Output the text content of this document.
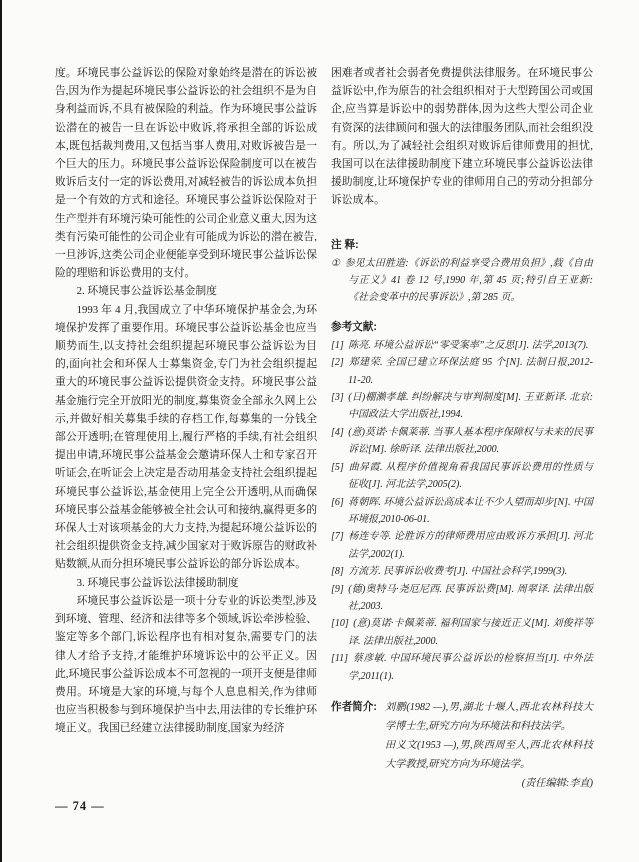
度。环境民事公益诉讼的保险对象始终是潜在的诉讼被告,因为作为提起环境民事公益诉讼的社会组织不是为自身利益而诉,不具有被保险的利益。作为环境民事公益诉讼潜在的被告一旦在诉讼中败诉,将承担全部的诉讼成本,既包括裁判费用,又包括当事人费用,对败诉被告是一个巨大的压力。环境民事公益诉讼保险制度可以在被告败诉后支付一定的诉讼费用,对减轻被告的诉讼成本负担是一个有效的方式和途径。环境民事公益诉讼保险对于生产型并有环境污染可能性的公司企业意义重大,因为这类有污染可能性的公司企业有可能成为诉讼的潜在被告,一旦涉诉,这类公司企业便能享受到环境民事公益诉讼保险的理赔和诉讼费用的支付。

2. 环境民事公益诉讼基金制度

1993 年 4 月,我国成立了中华环境保护基金会,为环境保护发挥了重要作用。环境民事公益诉讼基金也应当顺势而生,以支持社会组织提起环境民事公益诉讼为目的,面向社会和环保人士募集资金,专门为社会组织提起重大的环境民事公益诉讼提供资金支持。环境民事公益基金施行完全开放阳光的制度,募集资金全部永久网上公示,并做好相关募集手续的存档工作,每募集的一分钱全部公开透明;在管理使用上,履行严格的手续,有社会组织提出申请,环境民事公益基金会邀请环保人士和专家召开听证会,在听证会上决定是否动用基金支持社会组织提起环境民事公益诉讼,基金使用上完全公开透明,从而确保环境民事公益基金能够被全社会认可和接纳,赢得更多的环保人士对该项基金的大力支持,为提起环境公益诉讼的社会组织提供资金支持,减少国家对于败诉原告的财政补贴数额,从而分担环境民事公益诉讼的部分诉讼成本。

3. 环境民事公益诉讼法律援助制度

环境民事公益诉讼是一项十分专业的诉讼类型,涉及到环境、管理、经济和法律等多个领域,诉讼牵涉检验、鉴定等多个部门,诉讼程序也有相对复杂,需要专门的法律人才给予支持,才能维护环境诉讼中的公平正义。因此,环境民事公益诉讼成本不可忽视的一项开支便是律师费用。环境是大家的环境,与每个人息息相关,作为律师也应当积极参与到环境保护当中去,用法律的专长维护环境正义。我国已经建立法律援助制度,国家为经济

困难者或者社会弱者免费提供法律服务。在环境民事公益诉讼中,作为原告的社会组织相对于大型跨国公司或国企,应当算是诉讼中的弱势群体,因为这些大型公司企业有资深的法律顾问和强大的法律服务团队,而社会组织没有。所以,为了减轻社会组织对败诉后律师费用的担忧,我国可以在法律援助制度下建立环境民事公益诉讼法律援助制度,让环境保护专业的律师用自己的劳动分担部分诉讼成本。

注 释:

① 参见太田胜造:《诉讼的利益享受合费用负担》,载《自由与正义》41 卷 12 号,1990 年,第 45 页;特引自王亚新:《社会变革中的民事诉讼》,第 285 页。

参考文献:

[1] 陈亮. 环境公益诉讼“零受案率”之反思[J]. 法学,2013(7).

[2] 郑建荣. 全国已建立环保法庭 95 个[N]. 法制日报,2012-11-20.

[3] (日)棚濑孝雄. 纠纷解决与审判制度[M]. 王亚新译. 北京:中国政法大学出版社,1994.

[4] (意)莫诺·卡佩莱蒂. 当事人基本程序保障权与未来的民事诉讼[M]. 徐昕译. 法律出版社,2000.

[5] 曲昇霞. 从程序价值视角看我国民事诉讼费用的性质与征收[J]. 河北法学,2005(2).

[6] 蒋朝晖. 环境公益诉讼高成本让不少人望而却步[N]. 中国环境报,2010-06-01.

[7] 杨连专等. 论胜诉方的律师费用应由败诉方承担[J]. 河北法学,2002(1).

[8] 方流芳. 民事诉讼收费考[J]. 中国社会科学,1999(3).

[9] (德)奥特马·尧厄尼西. 民事诉讼费[M]. 周翠译. 法律出版社,2003.

[10] (意)莫诺·卡佩莱蒂. 福利国家与接近正义[M]. 刘俊祥等译. 法律出版社,2000.

[11] 蔡彦敏. 中国环境民事公益诉讼的检察担当[J]. 中外法学,2011(1).

作者简介: 刘鹏(1982 —),男,湖北十堰人,西北农林科技大学博士生,研究方向为环境法和科技法学。

田义文(1953 —),男,陕西周至人,西北农林科技大学教授,研究方向为环境法学。

(责任编辑:李直)

— 74 —
